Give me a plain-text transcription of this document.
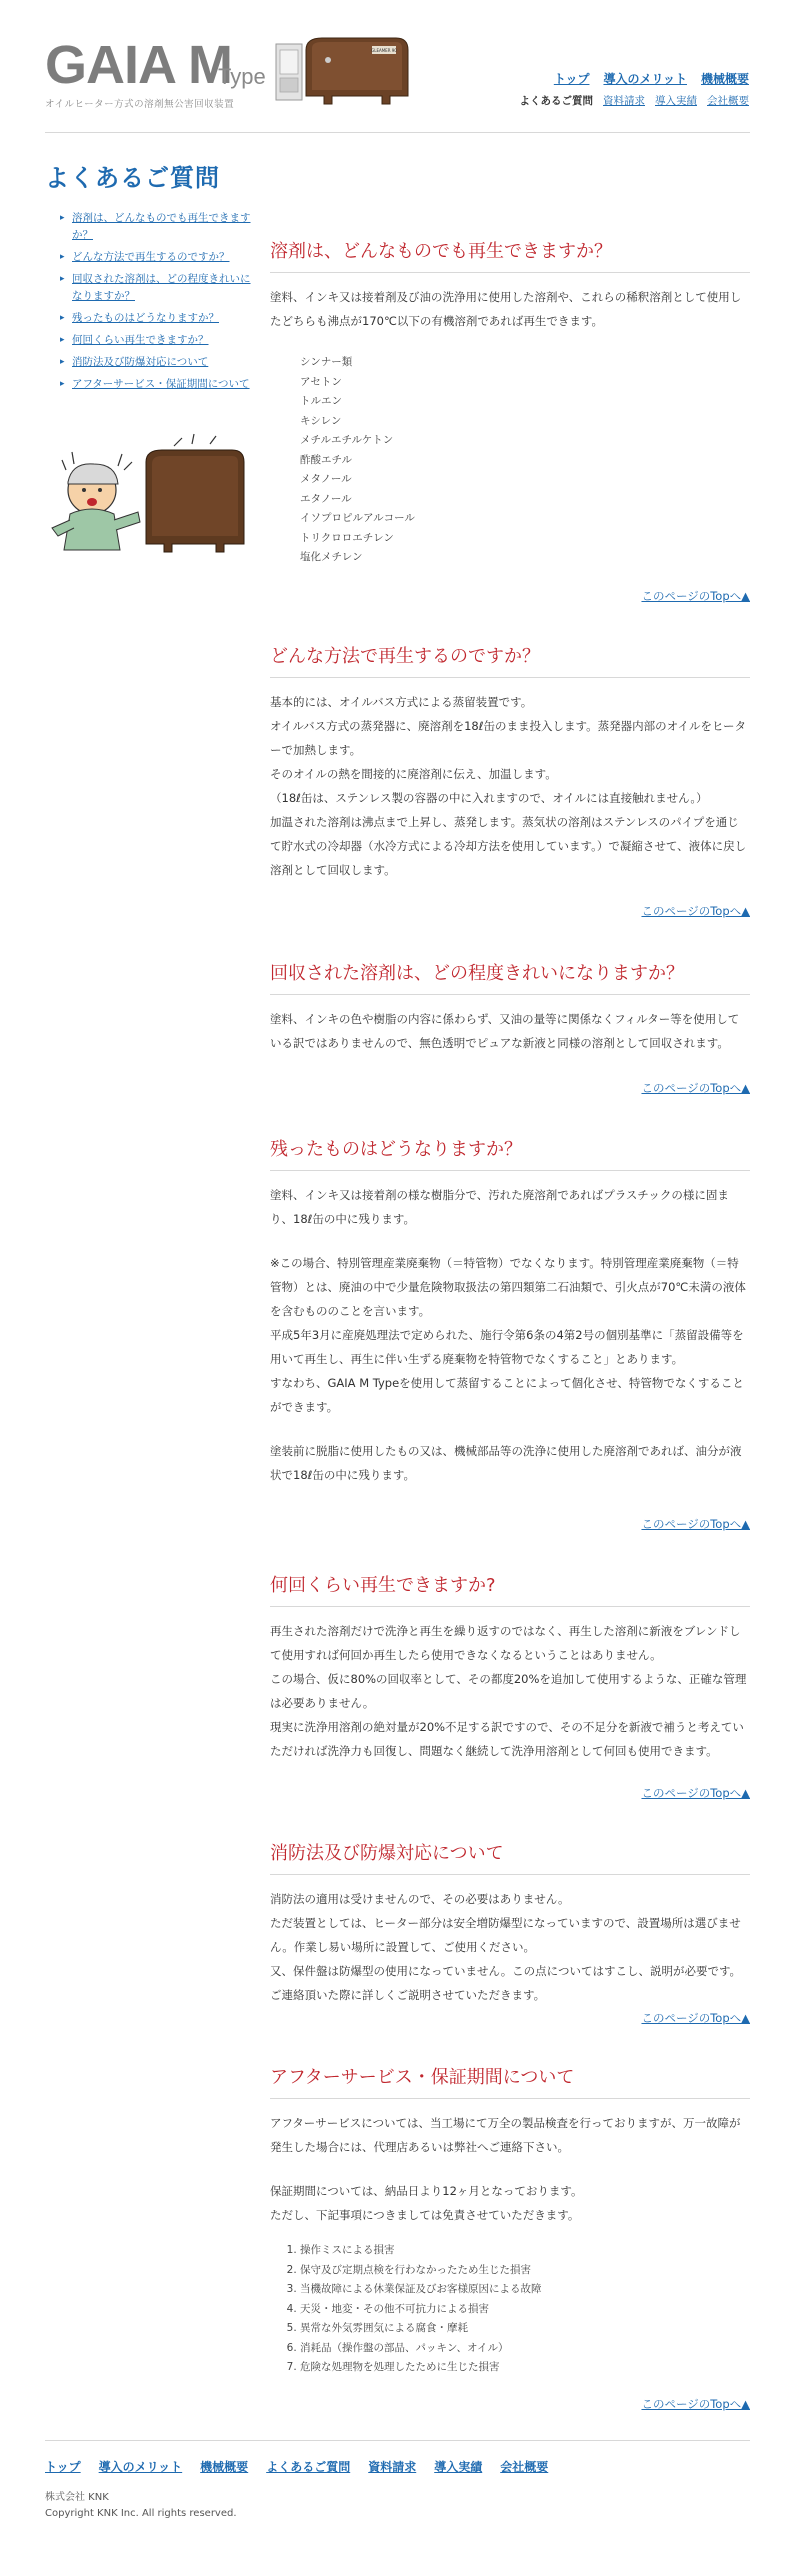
GAIA M
Type
オイルヒーター方式の溶剤無公害回収装置
GLEAMER 90
トップ 導入のメリット 機械概要
よくあるご質問 資料請求 導入実績 会社概要
よくあるご質問
▸ 溶剤は、どんなものでも再生できますか？
▸ どんな方法で再生するのですか？
▸ 回収された溶剤は、どの程度きれいになりますか？
▸ 残ったものはどうなりますか？
▸ 何回くらい再生できますか？
▸ 消防法及び防爆対応について
▸ アフターサービス・保証期間について
溶剤は、どんなものでも再生できますか？

塗料、インキ又は接着剤及び油の洗浄用に使用した溶剤や、これらの稀釈溶剤として使用したどちらも沸点が170℃以下の有機溶剤であれば再生できます。

シンナー類
アセトン
トルエン
キシレン
メチルエチルケトン
酢酸エチル
メタノール
エタノール
イソプロピルアルコール
トリクロロエチレン
塩化メチレン
このページのTopへ▲
どんな方法で再生するのですか？

基本的には、オイルバス方式による蒸留装置です。

オイルバス方式の蒸発器に、廃溶剤を18ℓ缶のまま投入します。蒸発器内部のオイルをヒーターで加熱します。

そのオイルの熱を間接的に廃溶剤に伝え、加温します。

（18ℓ缶は、ステンレス製の容器の中に入れますので、オイルには直接触れません。）

加温された溶剤は沸点まで上昇し、蒸発します。蒸気状の溶剤はステンレスのパイプを通じて貯水式の冷却器（水冷方式による冷却方法を使用しています。）で凝縮させて、液体に戻し溶剤として回収します。

このページのTopへ▲
回収された溶剤は、どの程度きれいになりますか？

塗料、インキの色や樹脂の内容に係わらず、又油の量等に関係なくフィルター等を使用している訳ではありませんので、無色透明でピュアな新液と同様の溶剤として回収されます。

このページのTopへ▲
残ったものはどうなりますか？

塗料、インキ又は接着剤の様な樹脂分で、汚れた廃溶剤であればプラスチックの様に固まり、18ℓ缶の中に残ります。

※この場合、特別管理産業廃棄物（＝特管物）でなくなります。特別管理産業廃棄物（＝特管物）とは、廃油の中で少量危険物取扱法の第四類第二石油類で、引火点が70℃未満の液体を含むもののことを言います。

平成5年3月に産廃処理法で定められた、施行令第6条の4第2号の個別基準に「蒸留設備等を用いて再生し、再生に伴い生ずる廃棄物を特管物でなくすること」とあります。

すなわち、GAIA M Typeを使用して蒸留することによって個化させ、特管物でなくすることができます。

塗装前に脱脂に使用したもの又は、機械部品等の洗浄に使用した廃溶剤であれば、油分が液状で18ℓ缶の中に残ります。

このページのTopへ▲
何回くらい再生できますか?

再生された溶剤だけで洗浄と再生を繰り返すのではなく、再生した溶剤に新液をブレンドして使用すれば何回か再生したら使用できなくなるということはありません。

この場合、仮に80%の回収率として、その都度20%を追加して使用するような、正確な管理は必要ありません。

現実に洗浄用溶剤の絶対量が20%不足する訳ですので、その不足分を新液で補うと考えていただければ洗浄力も回復し、問題なく継続して洗浄用溶剤として何回も使用できます。

このページのTopへ▲
消防法及び防爆対応について

消防法の適用は受けませんので、その必要はありません。

ただ装置としては、ヒーター部分は安全増防爆型になっていますので、設置場所は選びません。作業し易い場所に設置して、ご使用ください。

又、保件盤は防爆型の使用になっていません。この点についてはすこし、説明が必要です。ご連絡頂いた際に詳しくご説明させていただきます。

このページのTopへ▲
アフターサービス・保証期間について

アフターサービスについては、当工場にて万全の製品検査を行っておりますが、万一故障が発生した場合には、代理店あるいは弊社へご連絡下さい。

保証期間については、納品日より12ヶ月となっております。

ただし、下記事項につきましては免責させていただきます。

1. 操作ミスによる損害
2. 保守及び定期点検を行わなかったため生じた損害
3. 当機故障による休業保証及びお客様原因による故障
4. 天災・地変・その他不可抗力による損害
5. 異常な外気雰囲気による腐食・摩耗
6. 消耗品（操作盤の部品、パッキン、オイル）
7. 危険な処理物を処理したために生じた損害
このページのTopへ▲
トップ 導入のメリット 機械概要 よくあるご質問 資料請求 導入実績 会社概要
株式会社 KNK
Copyright KNK Inc. All rights reserved.
